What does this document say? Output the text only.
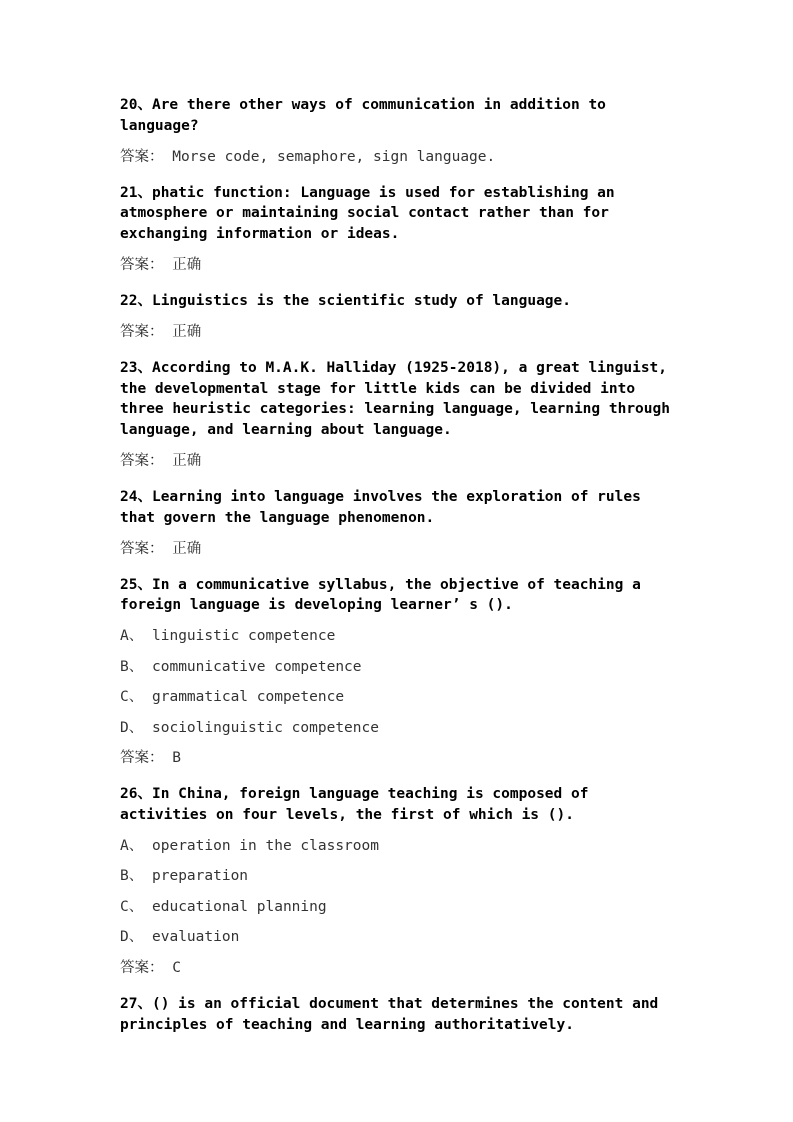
20、Are there other ways of communication in addition to language?
答案： Morse code, semaphore, sign language.
21、phatic function: Language is used for establishing an atmosphere or maintaining social contact rather than for exchanging information or ideas.
答案： 正确
22、Linguistics is the scientific study of language.
答案： 正确
23、According to M.A.K. Halliday (1925-2018), a great linguist, the developmental stage for little kids can be divided into three heuristic categories: learning language, learning through language, and learning about language.
答案： 正确
24、Learning into language involves the exploration of rules that govern the language phenomenon.
答案： 正确
25、In a communicative syllabus, the objective of teaching a foreign language is developing learner’ s ().
A、 linguistic competence
B、 communicative competence
C、 grammatical competence
D、 sociolinguistic competence
答案： B
26、In China, foreign language teaching is composed of activities on four levels, the first of which is ().
A、 operation in the classroom
B、 preparation
C、 educational planning
D、 evaluation
答案： C
27、() is an official document that determines the content and principles of teaching and learning authoritatively.
